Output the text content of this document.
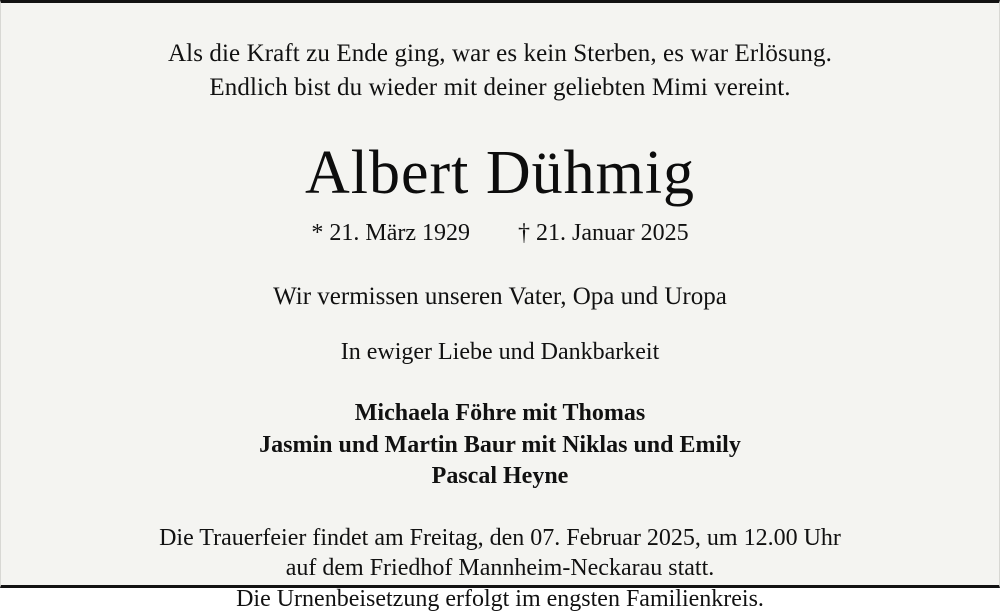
Als die Kraft zu Ende ging, war es kein Sterben, es war Erlösung.
Endlich bist du wieder mit deiner geliebten Mimi vereint.
Albert Dühmig
* 21. März 1929 † 21. Januar 2025
Wir vermissen unseren Vater, Opa und Uropa
In ewiger Liebe und Dankbarkeit
Michaela Föhre mit Thomas
Jasmin und Martin Baur mit Niklas und Emily
Pascal Heyne
Die Trauerfeier findet am Freitag, den 07. Februar 2025, um 12.00 Uhr
auf dem Friedhof Mannheim-Neckarau statt.
Die Urnenbeisetzung erfolgt im engsten Familienkreis.
